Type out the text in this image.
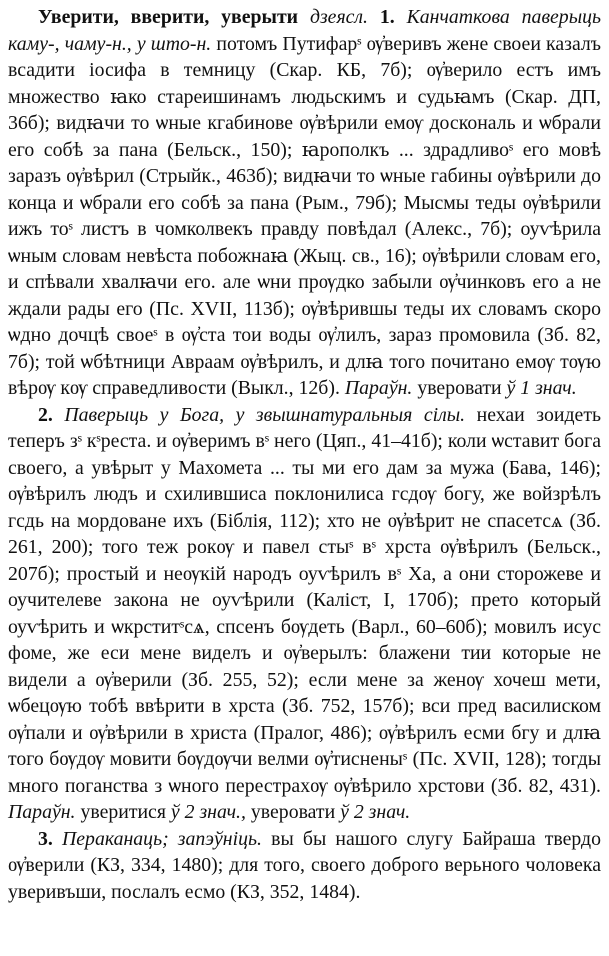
Уверити, вверити, уверыти дзеясл. 1. Канчаткова паверыць каму-, чаму-н., у што-н. потомъ Путифарˢ ѹ҆веривъ жене своеи казалъ всадити іосифа в темницу (Скар. КБ, 7б); ѹ҆верило естъ имъ множество ꙗко стареишинамъ людьскимъ и судьꙗмъ (Скар. ДП, 36б); видꙗчи то ѡные кгабинове ѹ҆вѣрили емѹ доскональ и ѡбрали его собѣ за пана (Бельск., 150); ꙗрополкъ ... здрадливоˢ его мовѣ заразъ ѹ҆вѣрил (Стрыйк., 463б); видꙗчи то ѡные габины ѹ҆вѣрили до конца и ѡбрали его собѣ за пана (Рым., 79б); Мысмы теды ѹ҆вѣрили ижъ тоˢ листъ в чомколвекъ правду повѣдал (Алекс., 7б); оуѵѣрила ѡным словам невѣста побожнаꙗ (Жыц. св., 16); ѹ҆вѣрили словам его, и спѣвали хвалꙗчи его. але ѡни прѹдко забыли ѹ҆чинковъ его а не ждали рады его (Пс. XVII, 113б); ѹ҆вѣрившы теды их словамъ скоро ѡдно дочцѣ своеˢ в ѹ҆ста тои воды ѹ҆лилъ, зараз промовила (Зб. 82, 7б); той ѡбѣтници Авраам ѹ҆вѣрилъ, и длꙗ того почитано емѹ тѹю вѣрѹ кѹ справедливости (Выкл., 12б). Параўн. уверовати ў 1 знач.

2. Паверыць у Бога, у звышнатуральныя сілы. нехаи зоидеть теперъ зˢ кˢреста. и ѹ҆веримъ вˢ него (Цяп., 41–41б); коли ѡставит бога своего, а увѣрыт у Махомета ... ты ми его дам за мужа (Бава, 146); ѹ҆вѣрилъ людъ и схилившиса поклонилиса гсдѹ богу, же войзрѣлъ гсдь на мордоване ихъ (Біблія, 112); хто не ѹ҆вѣрит не спасетсѧ (Зб. 261, 200); того теж рокѹ и павел стыˢ вˢ хрста ѹ҆вѣрилъ (Бельск., 207б); простый и неѹкій народъ оуѵѣрилъ вˢ Ха, а они сторожеве и оучителеве закона не оуѵѣрили (Каліст, I, 170б); прето который оуѵѣрить и ѡкрститˢсѧ, спсенъ бѹдеть (Варл., 60–60б); мовилъ исус фоме, же еси мене виделъ и ѹ҆верылъ: блажени тии которые не видели а ѹ҆верили (Зб. 255, 52); если мене за женѹ хочеш мети, ѡбецѹю тобѣ ввѣрити в хрста (Зб. 752, 157б); вси пред василиском ѹ҆пали и ѹ҆вѣрили в христа (Пралог, 486); ѹ҆вѣрилъ есми бгу и длꙗ того бѹдѹ мовити бѹдѹчи велми ѹ҆тисненыˢ (Пс. XVII, 128); тогды много поганства з ѡного перестрахѹ ѹ҆вѣрило хрстови (Зб. 82, 431). Параўн. уверитися ў 2 знач., уверовати ў 2 знач.

3. Пераканаць; запэўніць. вы бы нашого слугу Байраша твердо ѹ҆верили (КЗ, 334, 1480); для того, своего доброго верьного чоловека уверивъши, послалъ есмо (КЗ, 352, 1484).
